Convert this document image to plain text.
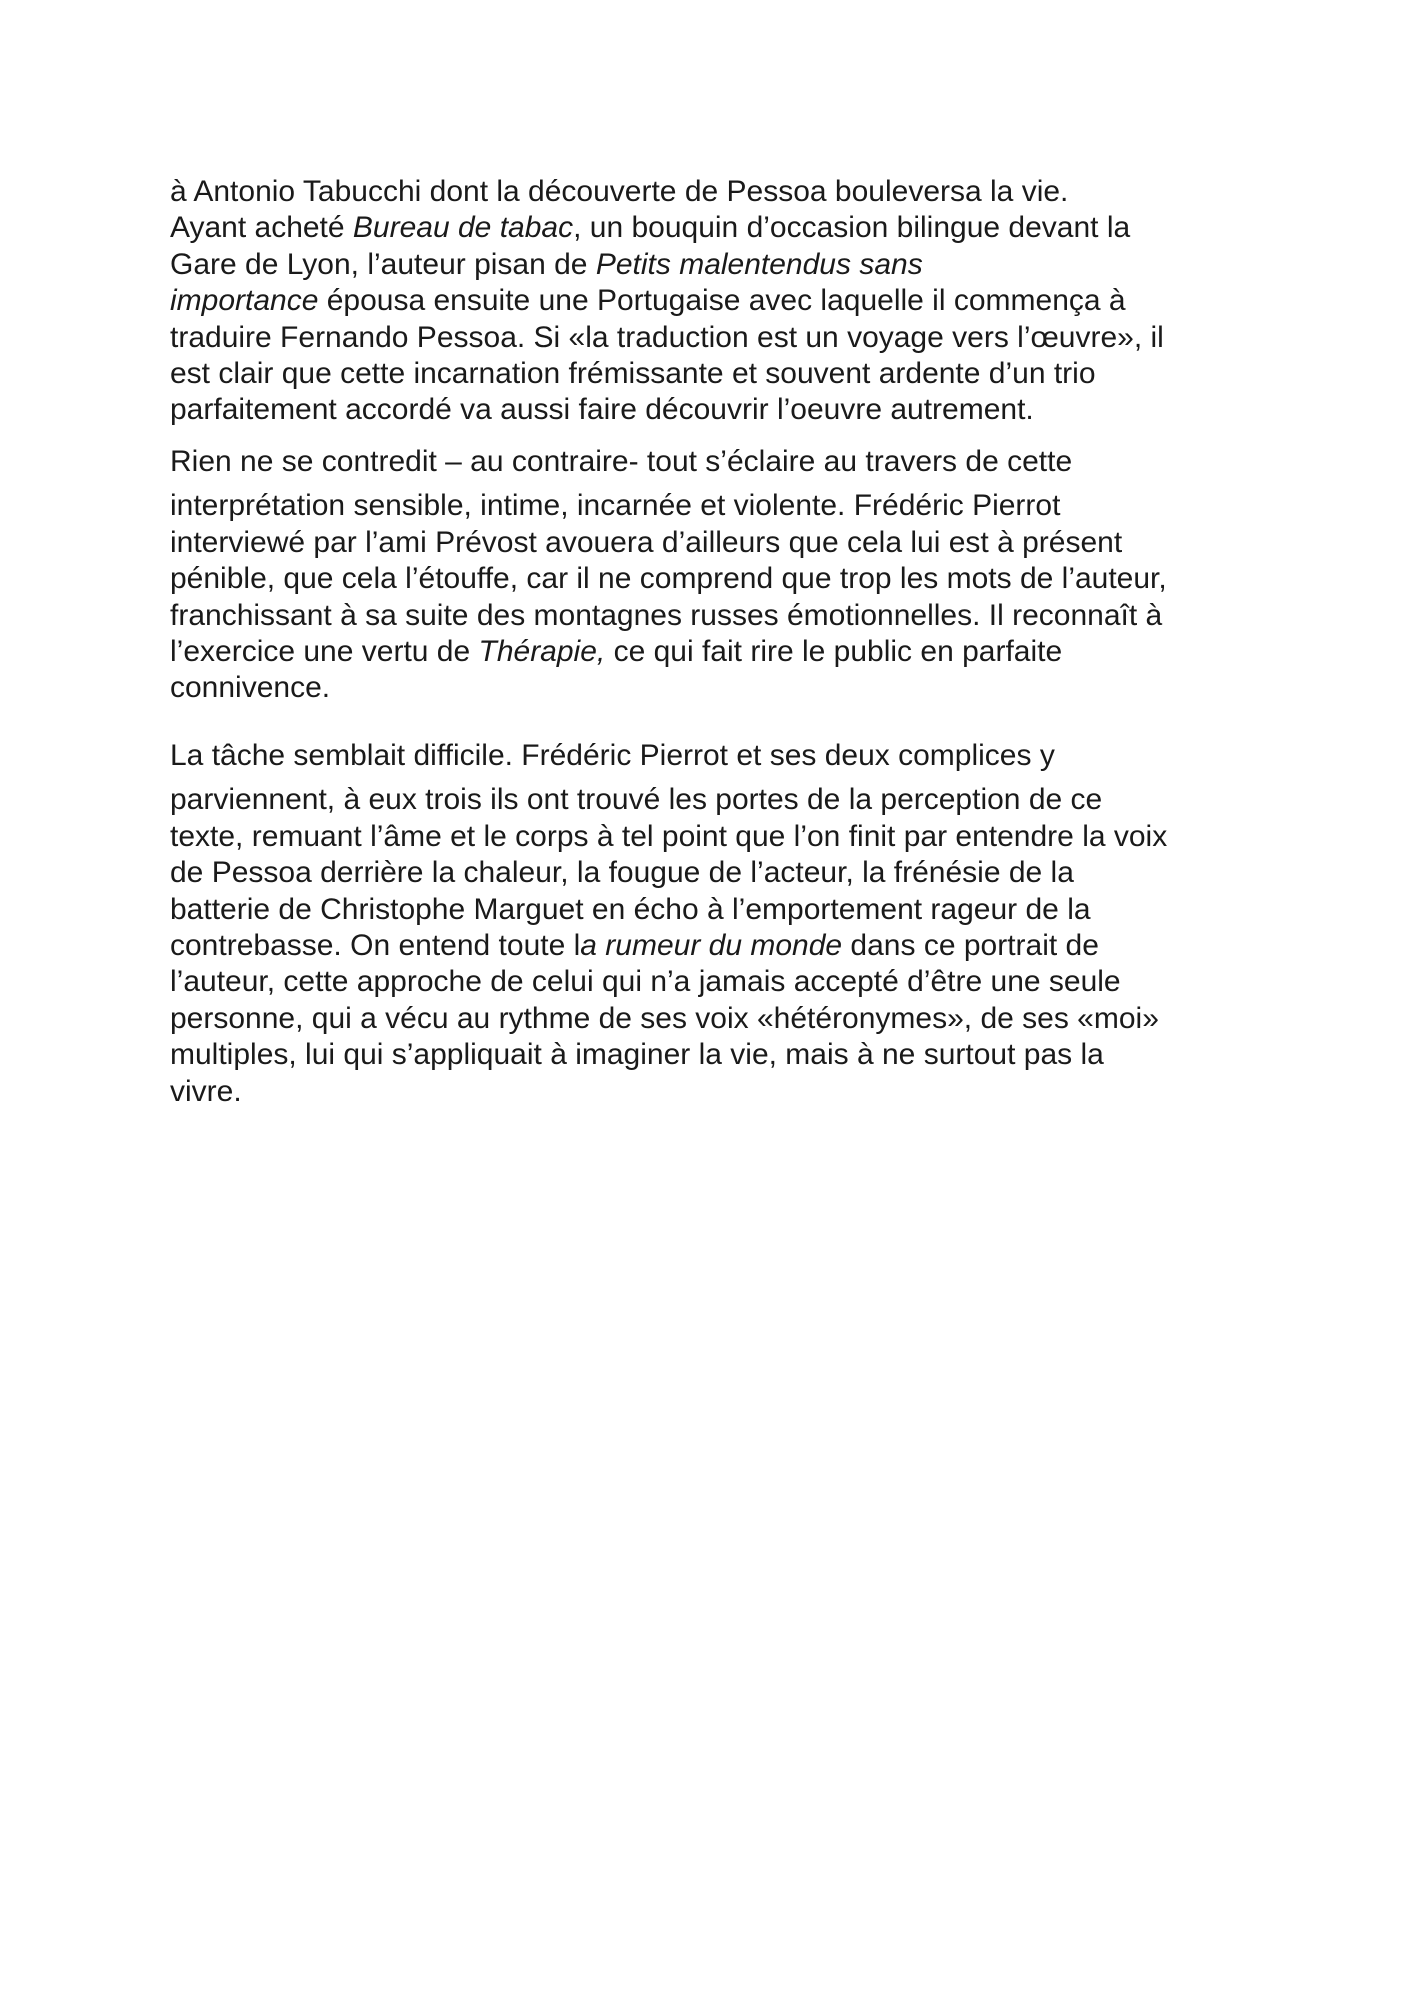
à Antonio Tabucchi dont la découverte de Pessoa bouleversa la vie.
Ayant acheté Bureau de tabac, un bouquin d’occasion bilingue devant la
Gare de Lyon, l’auteur pisan de Petits malentendus sans
importance épousa ensuite une Portugaise avec laquelle il commença à
traduire Fernando Pessoa. Si «la traduction est un voyage vers l’œuvre», il
est clair que cette incarnation frémissante et souvent ardente d’un trio
parfaitement accordé va aussi faire découvrir l’oeuvre autrement.

Rien ne se contredit – au contraire- tout s’éclaire au travers de cette
interprétation sensible, intime, incarnée et violente. Frédéric Pierrot
interviewé par l’ami Prévost avouera d’ailleurs que cela lui est à présent
pénible, que cela l’étouffe, car il ne comprend que trop les mots de l’auteur,
franchissant à sa suite des montagnes russes émotionnelles. Il reconnaît à
l’exercice une vertu de Thérapie, ce qui fait rire le public en parfaite
connivence.

La tâche semblait difficile. Frédéric Pierrot et ses deux complices y
parviennent, à eux trois ils ont trouvé les portes de la perception de ce
texte, remuant l’âme et le corps à tel point que l’on finit par entendre la voix
de Pessoa derrière la chaleur, la fougue de l’acteur, la frénésie de la
batterie de Christophe Marguet en écho à l’emportement rageur de la
contrebasse. On entend toute la rumeur du monde dans ce portrait de
l’auteur, cette approche de celui qui n’a jamais accepté d’être une seule
personne, qui a vécu au rythme de ses voix «hétéronymes», de ses «moi»
multiples, lui qui s’appliquait à imaginer la vie, mais à ne surtout pas la
vivre.
